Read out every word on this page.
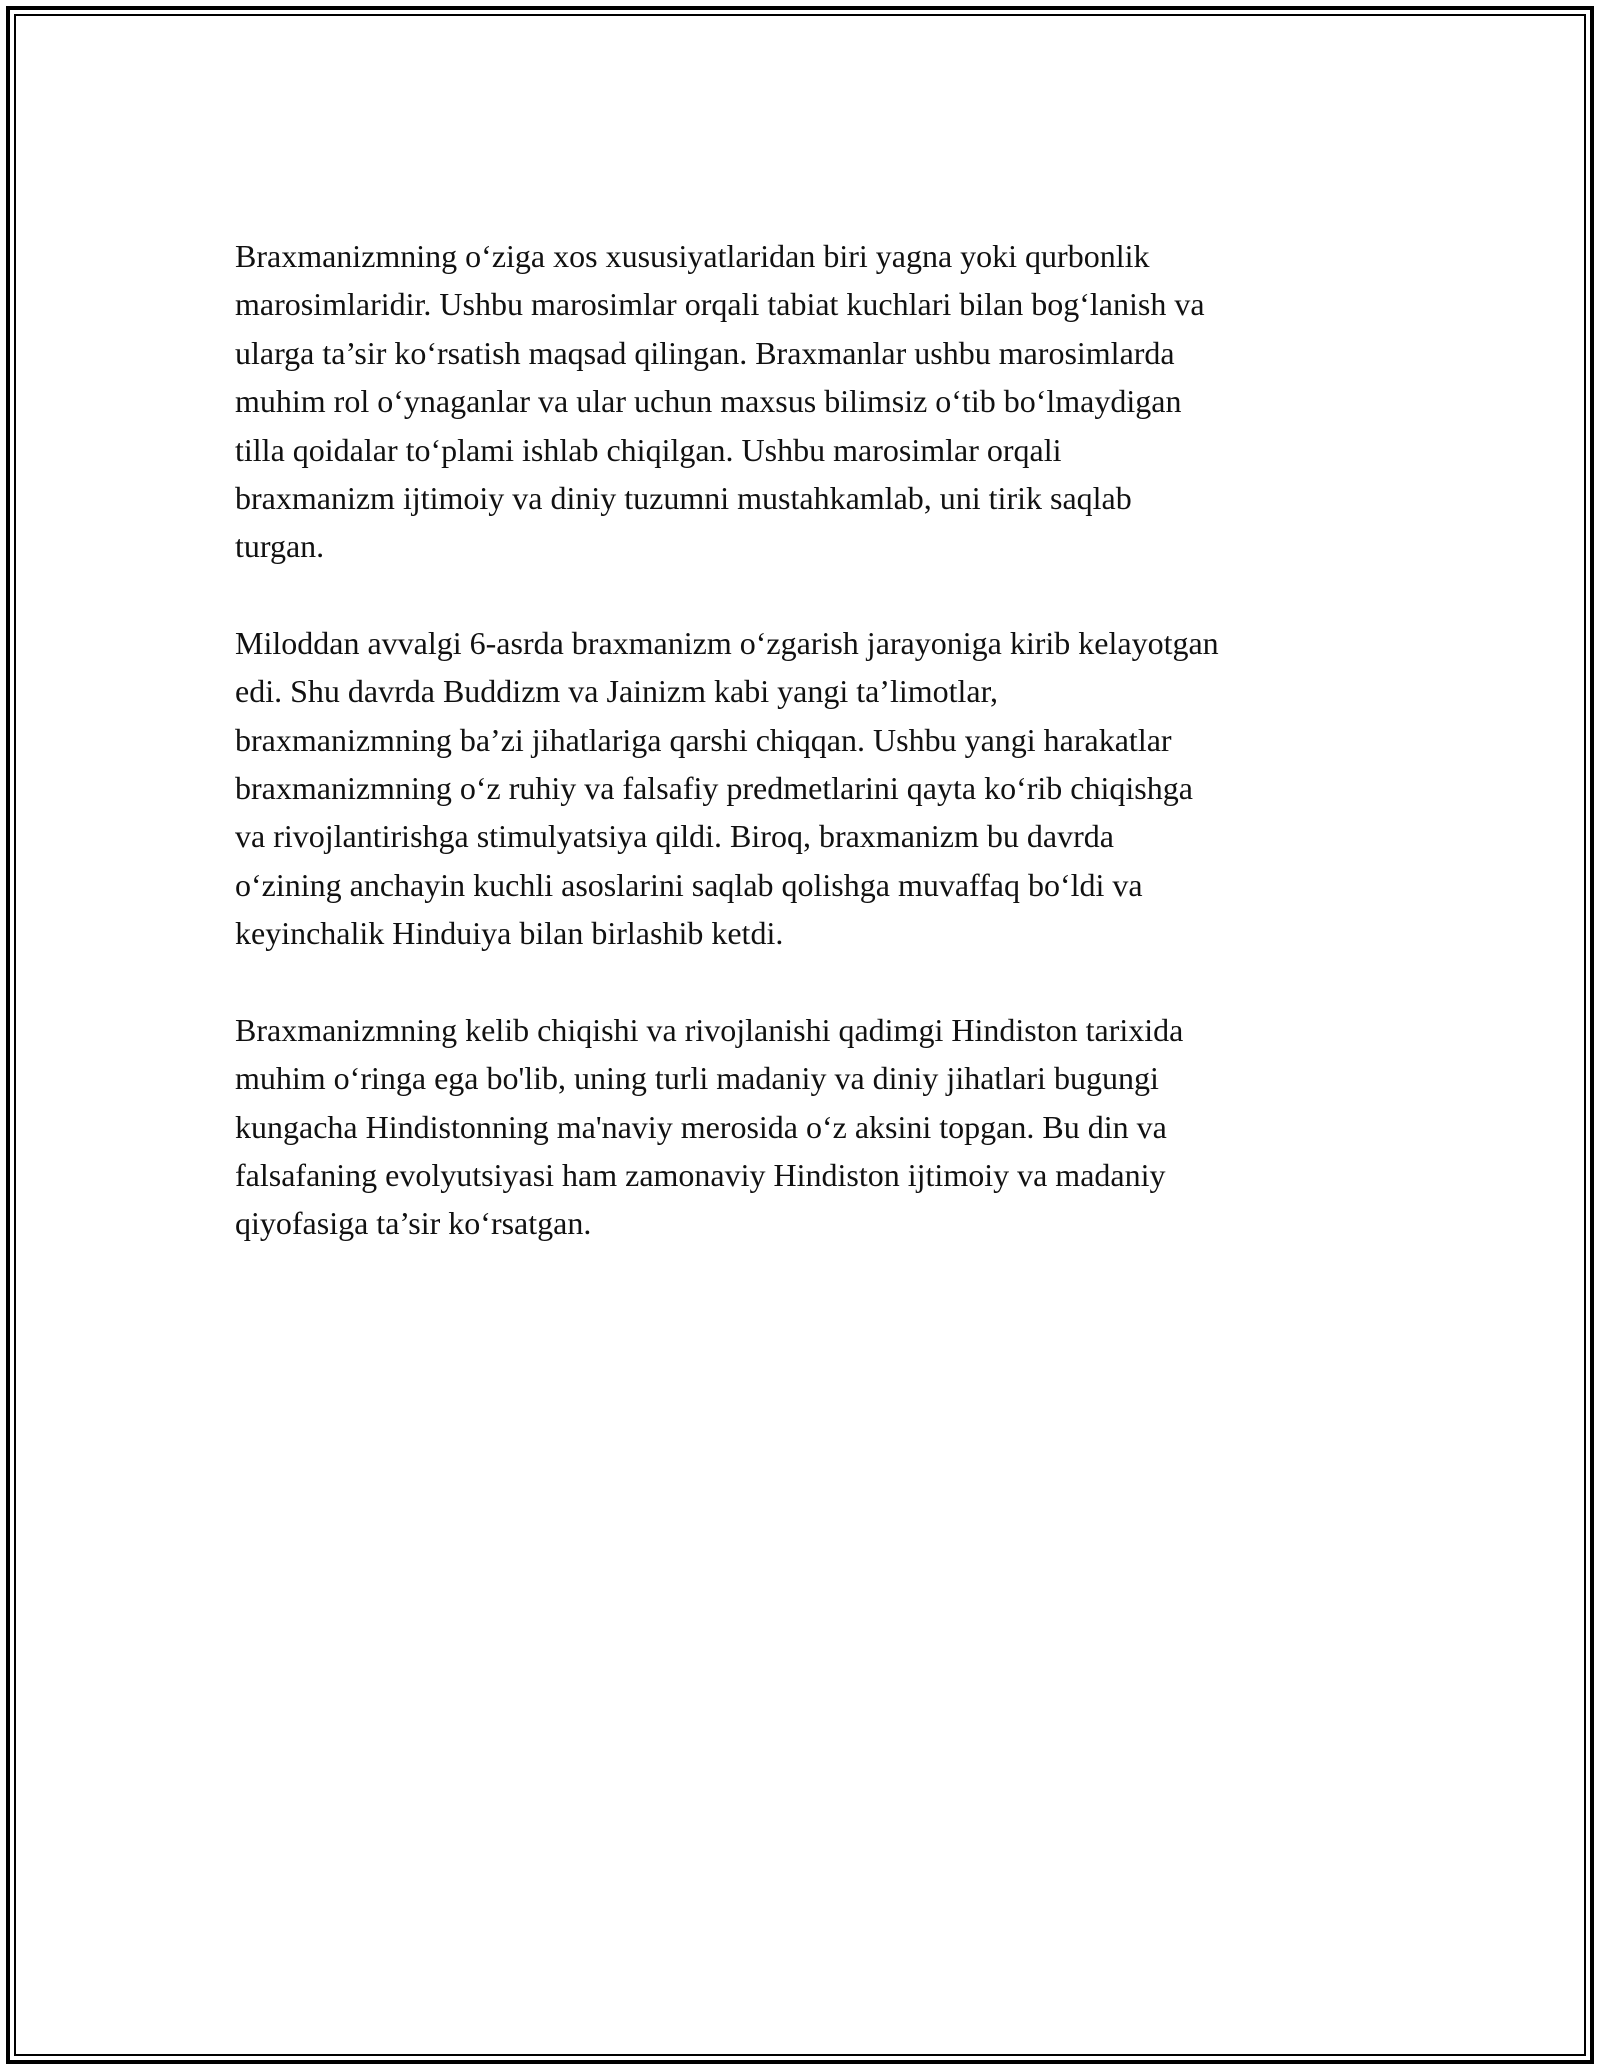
Braxmanizmning o‘ziga xos xususiyatlaridan biri yagna yoki qurbonlik
marosimlaridir. Ushbu marosimlar orqali tabiat kuchlari bilan bog‘lanish va
ularga ta’sir ko‘rsatish maqsad qilingan. Braxmanlar ushbu marosimlarda
muhim rol o‘ynaganlar va ular uchun maxsus bilimsiz o‘tib bo‘lmaydigan
tilla qoidalar to‘plami ishlab chiqilgan. Ushbu marosimlar orqali
braxmanizm ijtimoiy va diniy tuzumni mustahkamlab, uni tirik saqlab
turgan.

Miloddan avvalgi 6-asrda braxmanizm o‘zgarish jarayoniga kirib kelayotgan
edi. Shu davrda Buddizm va Jainizm kabi yangi ta’limotlar,
braxmanizmning ba’zi jihatlariga qarshi chiqqan. Ushbu yangi harakatlar
braxmanizmning o‘z ruhiy va falsafiy predmetlarini qayta ko‘rib chiqishga
va rivojlantirishga stimulyatsiya qildi. Biroq, braxmanizm bu davrda
o‘zining anchayin kuchli asoslarini saqlab qolishga muvaffaq bo‘ldi va
keyinchalik Hinduiya bilan birlashib ketdi.

Braxmanizmning kelib chiqishi va rivojlanishi qadimgi Hindiston tarixida
muhim o‘ringa ega bo'lib, uning turli madaniy va diniy jihatlari bugungi
kungacha Hindistonning ma'naviy merosida o‘z aksini topgan. Bu din va
falsafaning evolyutsiyasi ham zamonaviy Hindiston ijtimoiy va madaniy
qiyofasiga ta’sir ko‘rsatgan.
